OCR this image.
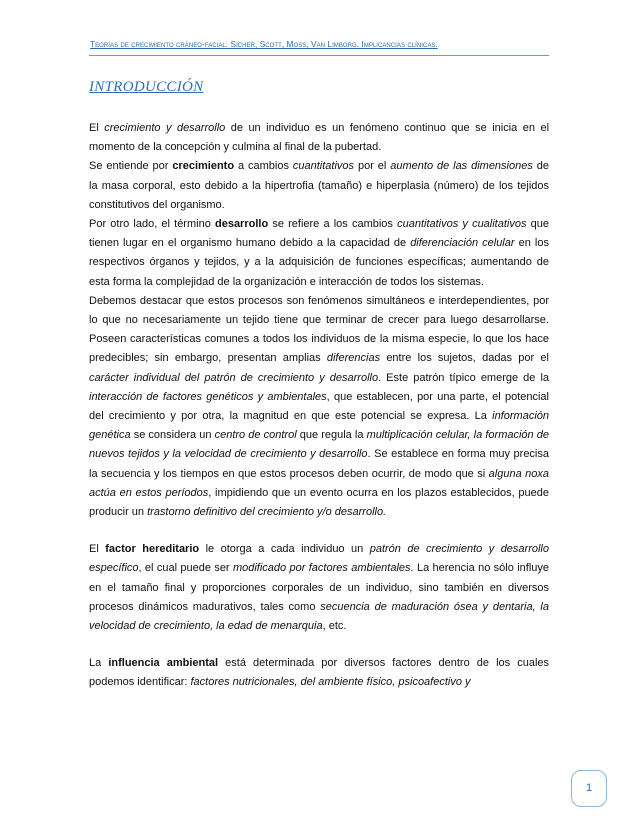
Teorías de crecimiento cráneo-facial: Sicher, Scott, Moss, Van Limborg. Implicancias clínicas.
INTRODUCCIÓN

El crecimiento y desarrollo de un individuo es un fenómeno continuo que se inicia en el momento de la concepción y culmina al final de la pubertad.

Se entiende por crecimiento a cambios cuantitativos por el aumento de las dimensiones de la masa corporal, esto debido a la hipertrofia (tamaño) e hiperplasia (número) de los tejidos constitutivos del organismo.

Por otro lado, el término desarrollo se refiere a los cambios cuantitativos y cualitativos que tienen lugar en el organismo humano debido a la capacidad de diferenciación celular en los respectivos órganos y tejidos, y a la adquisición de funciones específicas; aumentando de esta forma la complejidad de la organización e interacción de todos los sistemas.

Debemos destacar que estos procesos son fenómenos simultáneos e interdependientes, por lo que no necesariamente un tejido tiene que terminar de crecer para luego desarrollarse. Poseen características comunes a todos los individuos de la misma especie, lo que los hace predecibles; sin embargo, presentan amplias diferencias entre los sujetos, dadas por el carácter individual del patrón de crecimiento y desarrollo. Este patrón típico emerge de la interacción de factores genéticos y ambientales, que establecen, por una parte, el potencial del crecimiento y por otra, la magnitud en que este potencial se expresa. La información genética se considera un centro de control que regula la multiplicación celular, la formación de nuevos tejidos y la velocidad de crecimiento y desarrollo. Se establece en forma muy precisa la secuencia y los tiempos en que estos procesos deben ocurrir, de modo que si alguna noxa actúa en estos períodos, impidiendo que un evento ocurra en los plazos establecidos, puede producir un trastorno definitivo del crecimiento y/o desarrollo.

El factor hereditario le otorga a cada individuo un patrón de crecimiento y desarrollo específico, el cual puede ser modificado por factores ambientales. La herencia no sólo influye en el tamaño final y proporciones corporales de un individuo, sino también en diversos procesos dinámicos madurativos, tales como secuencia de maduración ósea y dentaria, la velocidad de crecimiento, la edad de menarquia, etc.

La influencia ambiental está determinada por diversos factores dentro de los cuales podemos identificar: factores nutricionales, del ambiente físico, psicoafectivo y

1
